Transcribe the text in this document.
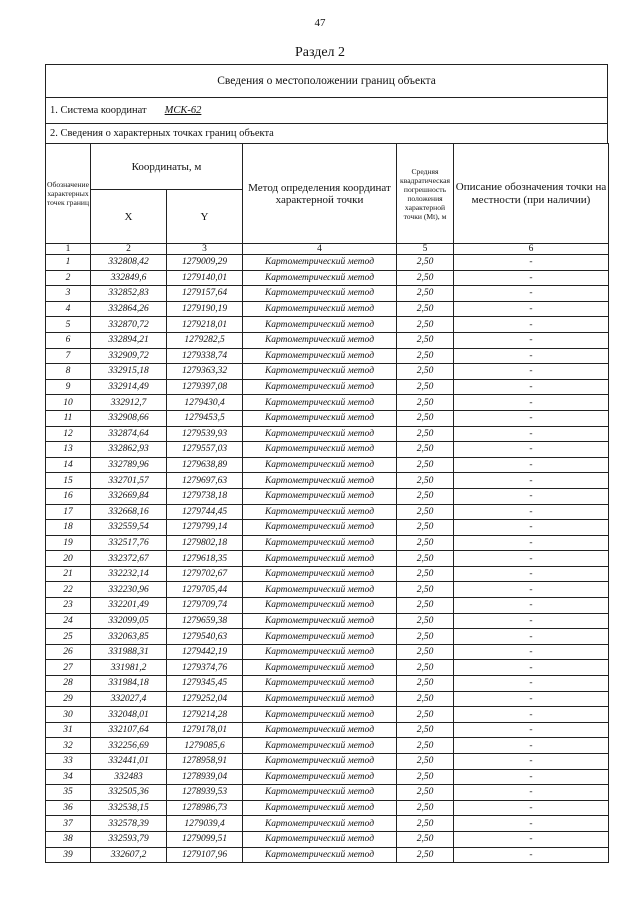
47
Раздел 2
Сведения о местоположении границ объекта
1. Система координат МСК-62
2. Сведения о характерных точках границ объекта
Обозначение характерных точек границ	Координаты, м		Метод определения координат характерной точки	Средняя квадратическая погрешность положения характерной точки (Mt), м	Описание обозначения точки на местности (при наличии)
	X	Y			
1	2	3	4	5	6
1	332808,42	1279009,29	Картометрический метод	2,50	-
2	332849,6	1279140,01	Картометрический метод	2,50	-
3	332852,83	1279157,64	Картометрический метод	2,50	-
4	332864,26	1279190,19	Картометрический метод	2,50	-
5	332870,72	1279218,01	Картометрический метод	2,50	-
6	332894,21	1279282,5	Картометрический метод	2,50	-
7	332909,72	1279338,74	Картометрический метод	2,50	-
8	332915,18	1279363,32	Картометрический метод	2,50	-
9	332914,49	1279397,08	Картометрический метод	2,50	-
10	332912,7	1279430,4	Картометрический метод	2,50	-
11	332908,66	1279453,5	Картометрический метод	2,50	-
12	332874,64	1279539,93	Картометрический метод	2,50	-
13	332862,93	1279557,03	Картометрический метод	2,50	-
14	332789,96	1279638,89	Картометрический метод	2,50	-
15	332701,57	1279697,63	Картометрический метод	2,50	-
16	332669,84	1279738,18	Картометрический метод	2,50	-
17	332668,16	1279744,45	Картометрический метод	2,50	-
18	332559,54	1279799,14	Картометрический метод	2,50	-
19	332517,76	1279802,18	Картометрический метод	2,50	-
20	332372,67	1279618,35	Картометрический метод	2,50	-
21	332232,14	1279702,67	Картометрический метод	2,50	-
22	332230,96	1279705,44	Картометрический метод	2,50	-
23	332201,49	1279709,74	Картометрический метод	2,50	-
24	332099,05	1279659,38	Картометрический метод	2,50	-
25	332063,85	1279540,63	Картометрический метод	2,50	-
26	331988,31	1279442,19	Картометрический метод	2,50	-
27	331981,2	1279374,76	Картометрический метод	2,50	-
28	331984,18	1279345,45	Картометрический метод	2,50	-
29	332027,4	1279252,04	Картометрический метод	2,50	-
30	332048,01	1279214,28	Картометрический метод	2,50	-
31	332107,64	1279178,01	Картометрический метод	2,50	-
32	332256,69	1279085,6	Картометрический метод	2,50	-
33	332441,01	1278958,91	Картометрический метод	2,50	-
34	332483	1278939,04	Картометрический метод	2,50	-
35	332505,36	1278939,53	Картометрический метод	2,50	-
36	332538,15	1278986,73	Картометрический метод	2,50	-
37	332578,39	1279039,4	Картометрический метод	2,50	-
38	332593,79	1279099,51	Картометрический метод	2,50	-
39	332607,2	1279107,96	Картометрический метод	2,50	-
